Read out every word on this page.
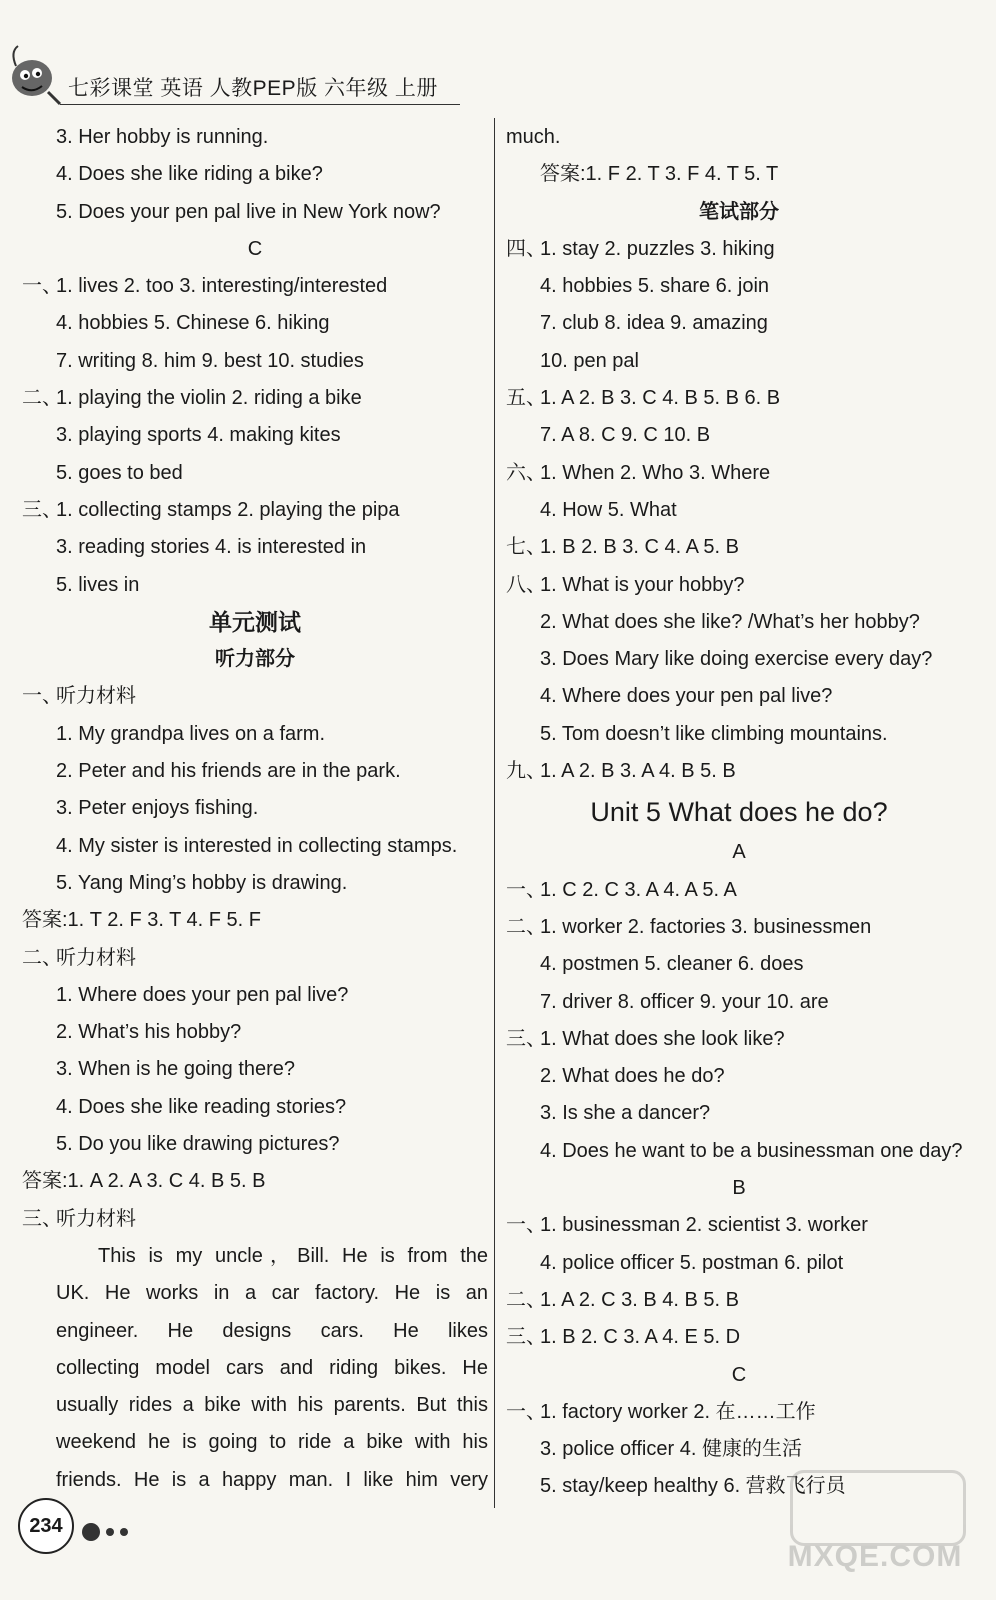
七彩课堂 英语 人教PEP版 六年级 上册
3. Her hobby is running.
4. Does she like riding a bike?
5. Does your pen pal live in New York now?
C
一、
1. lives 2. too 3. interesting/interested
4. hobbies 5. Chinese 6. hiking
7. writing 8. him 9. best 10. studies
二、
1. playing the violin 2. riding a bike
3. playing sports 4. making kites
5. goes to bed
三、
1. collecting stamps 2. playing the pipa
3. reading stories 4. is interested in
5. lives in
单元测试
听力部分
一、
听力材料
1. My grandpa lives on a farm.
2. Peter and his friends are in the park.
3. Peter enjoys fishing.
4. My sister is interested in collecting stamps.
5. Yang Ming’s hobby is drawing.
答案:1. T 2. F 3. T 4. F 5. F
二、
听力材料
1. Where does your pen pal live?
2. What’s his hobby?
3. When is he going there?
4. Does she like reading stories?
5. Do you like drawing pictures?
答案:1. A 2. A 3. C 4. B 5. B
三、
听力材料
This is my uncle，Bill. He is from the
UK. He works in a car factory. He is an
engineer. He designs cars. He likes
collecting model cars and riding bikes. He
usually rides a bike with his parents. But this
weekend he is going to ride a bike with his
friends. He is a happy man. I like him very
much.
答案:1. F 2. T 3. F 4. T 5. T
笔试部分
四、
1. stay 2. puzzles 3. hiking
4. hobbies 5. share 6. join
7. club 8. idea 9. amazing
10. pen pal
五、
1. A 2. B 3. C 4. B 5. B 6. B
7. A 8. C 9. C 10. B
六、
1. When 2. Who 3. Where
4. How 5. What
七、
1. B 2. B 3. C 4. A 5. B
八、
1. What is your hobby?
2. What does she like? /What’s her hobby?
3. Does Mary like doing exercise every day?
4. Where does your pen pal live?
5. Tom doesn’t like climbing mountains.
九、
1. A 2. B 3. A 4. B 5. B
Unit 5 What does he do?
A
一、
1. C 2. C 3. A 4. A 5. A
二、
1. worker 2. factories 3. businessmen
4. postmen 5. cleaner 6. does
7. driver 8. officer 9. your 10. are
三、
1. What does she look like?
2. What does he do?
3. Is she a dancer?
4. Does he want to be a businessman one day?
B
一、
1. businessman 2. scientist 3. worker
4. police officer 5. postman 6. pilot
二、
1. A 2. C 3. B 4. B 5. B
三、
1. B 2. C 3. A 4. E 5. D
C
一、
1. factory worker 2. 在……工作
3. police officer 4. 健康的生活
5. stay/keep healthy 6. 营救飞行员
234
MXQE.COM
